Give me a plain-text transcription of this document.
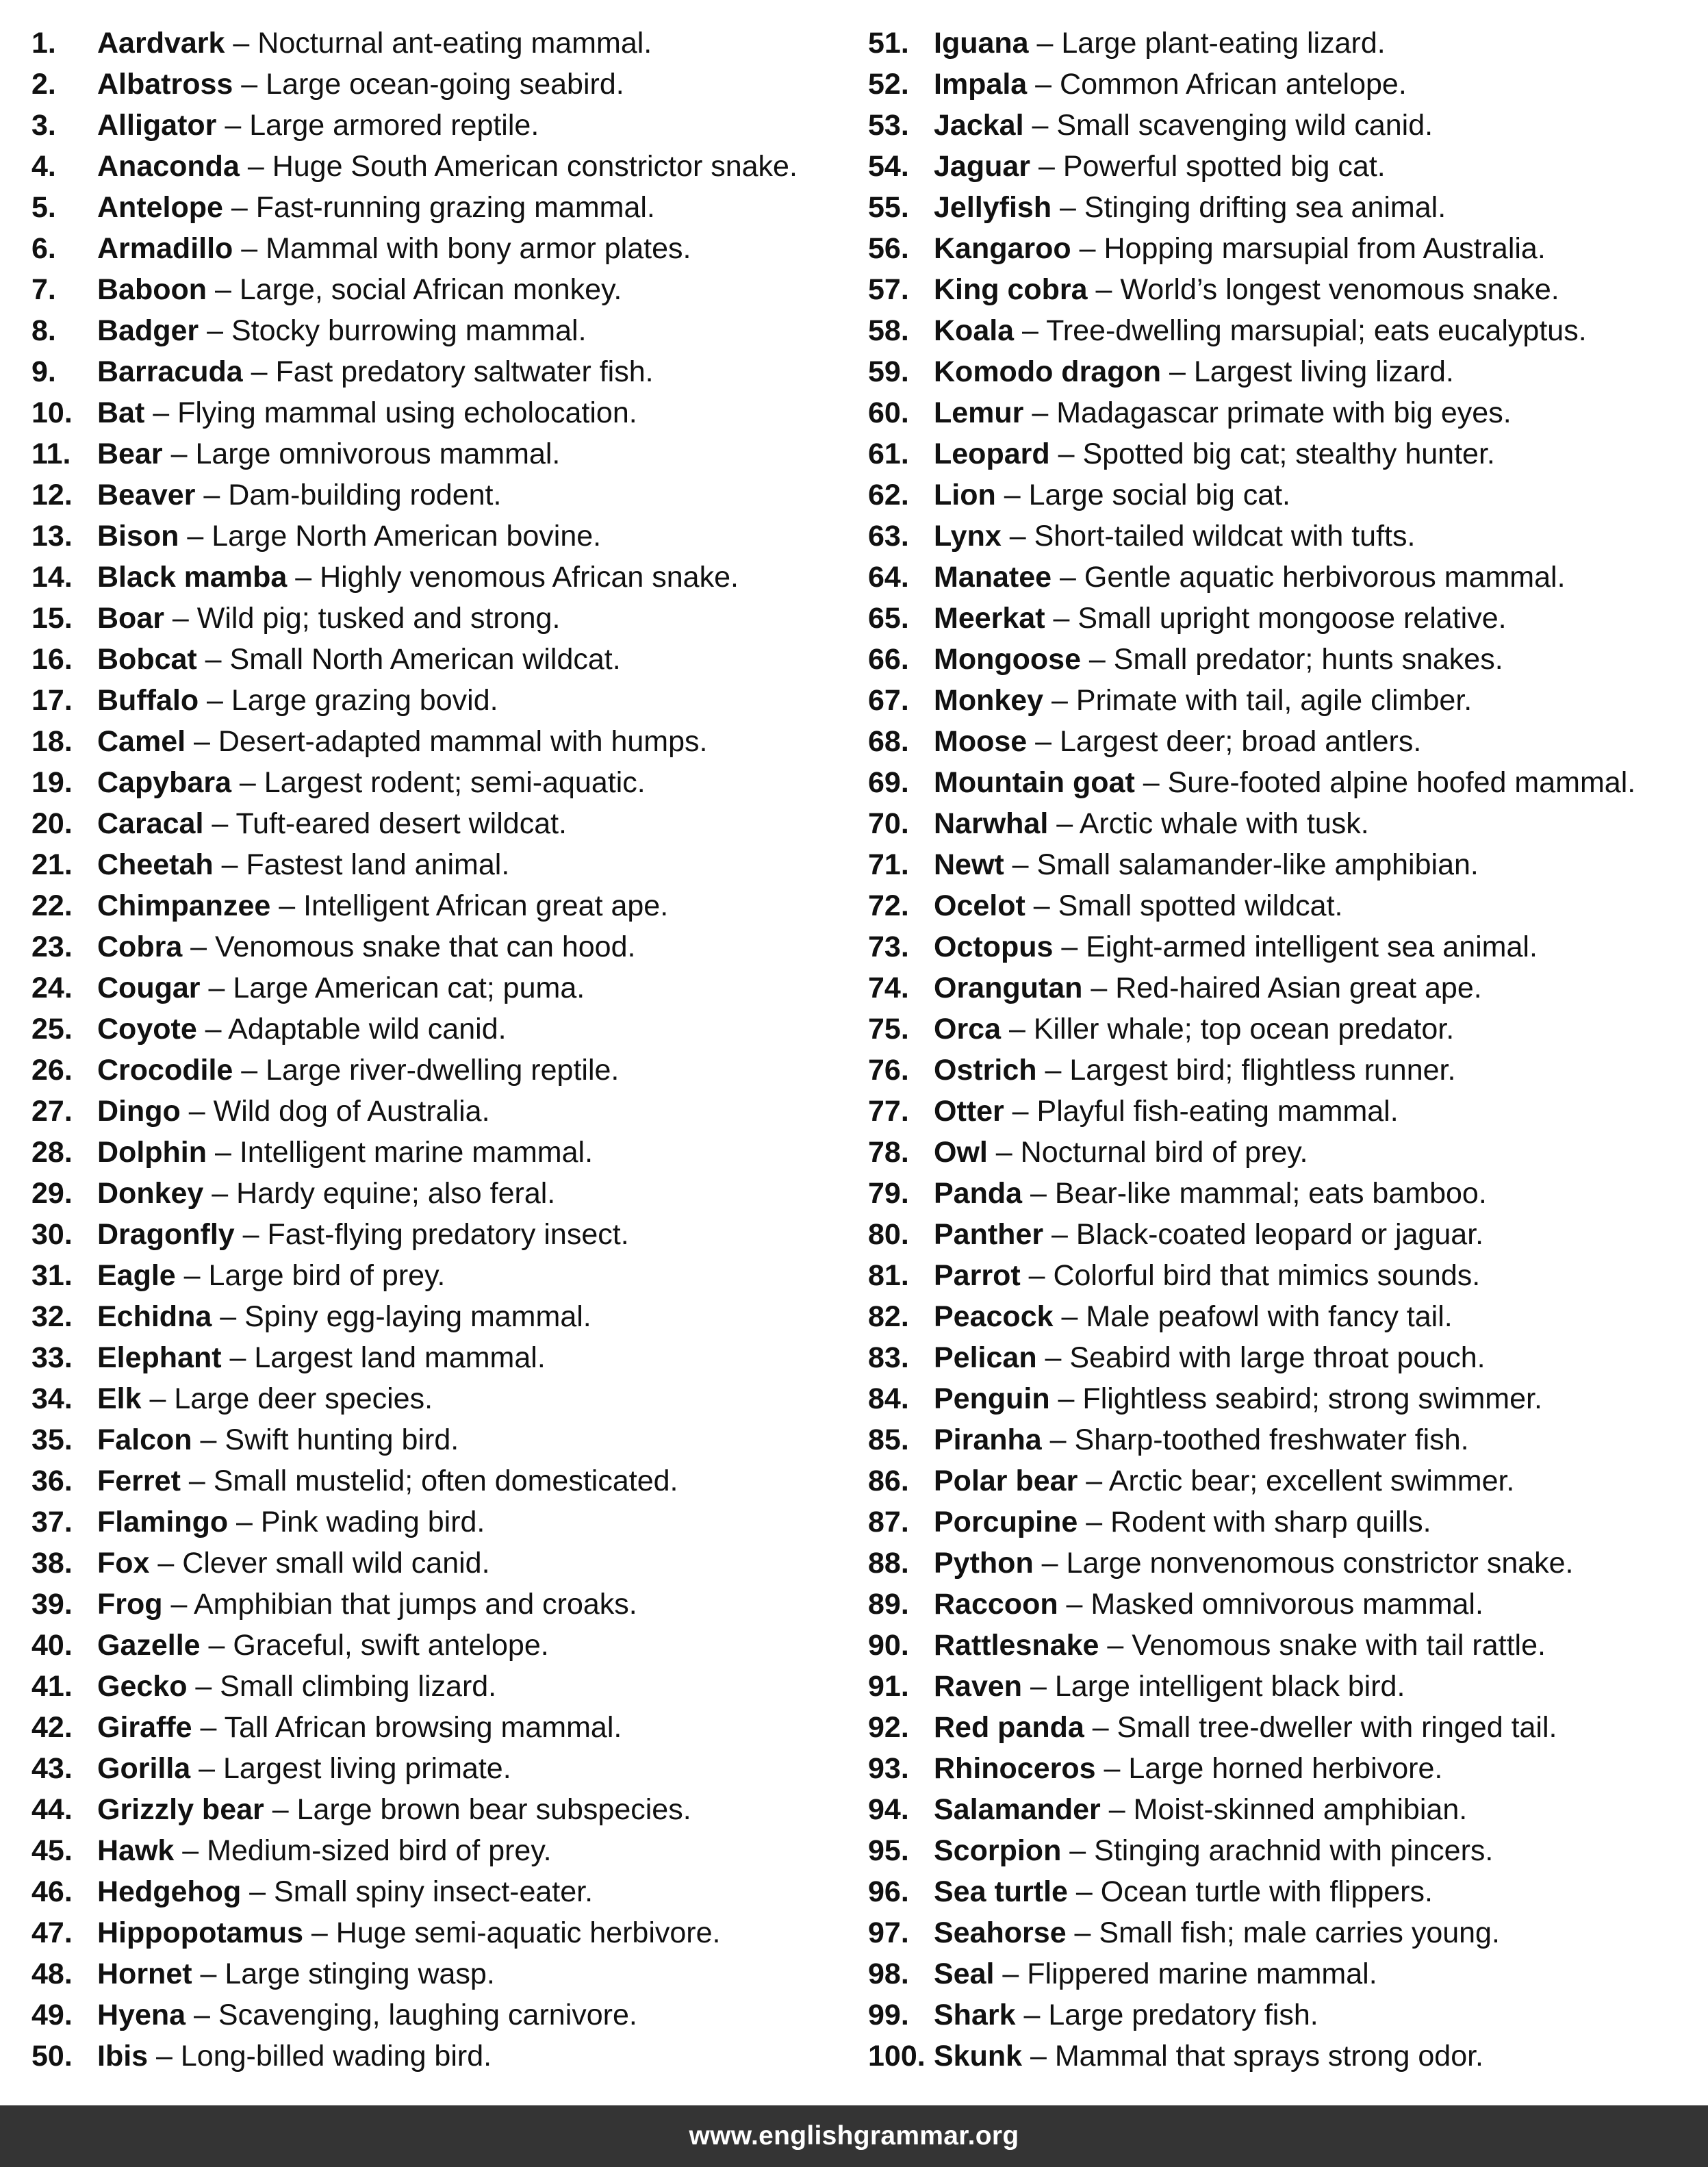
1. Aardvark – Nocturnal ant-eating mammal.
2. Albatross – Large ocean-going seabird.
3. Alligator – Large armored reptile.
4. Anaconda – Huge South American constrictor snake.
5. Antelope – Fast-running grazing mammal.
6. Armadillo – Mammal with bony armor plates.
7. Baboon – Large, social African monkey.
8. Badger – Stocky burrowing mammal.
9. Barracuda – Fast predatory saltwater fish.
10. Bat – Flying mammal using echolocation.
11. Bear – Large omnivorous mammal.
12. Beaver – Dam-building rodent.
13. Bison – Large North American bovine.
14. Black mamba – Highly venomous African snake.
15. Boar – Wild pig; tusked and strong.
16. Bobcat – Small North American wildcat.
17. Buffalo – Large grazing bovid.
18. Camel – Desert-adapted mammal with humps.
19. Capybara – Largest rodent; semi-aquatic.
20. Caracal – Tuft-eared desert wildcat.
21. Cheetah – Fastest land animal.
22. Chimpanzee – Intelligent African great ape.
23. Cobra – Venomous snake that can hood.
24. Cougar – Large American cat; puma.
25. Coyote – Adaptable wild canid.
26. Crocodile – Large river-dwelling reptile.
27. Dingo – Wild dog of Australia.
28. Dolphin – Intelligent marine mammal.
29. Donkey – Hardy equine; also feral.
30. Dragonfly – Fast-flying predatory insect.
31. Eagle – Large bird of prey.
32. Echidna – Spiny egg-laying mammal.
33. Elephant – Largest land mammal.
34. Elk – Large deer species.
35. Falcon – Swift hunting bird.
36. Ferret – Small mustelid; often domesticated.
37. Flamingo – Pink wading bird.
38. Fox – Clever small wild canid.
39. Frog – Amphibian that jumps and croaks.
40. Gazelle – Graceful, swift antelope.
41. Gecko – Small climbing lizard.
42. Giraffe – Tall African browsing mammal.
43. Gorilla – Largest living primate.
44. Grizzly bear – Large brown bear subspecies.
45. Hawk – Medium-sized bird of prey.
46. Hedgehog – Small spiny insect-eater.
47. Hippopotamus – Huge semi-aquatic herbivore.
48. Hornet – Large stinging wasp.
49. Hyena – Scavenging, laughing carnivore.
50. Ibis – Long-billed wading bird.
51. Iguana – Large plant-eating lizard.
52. Impala – Common African antelope.
53. Jackal – Small scavenging wild canid.
54. Jaguar – Powerful spotted big cat.
55. Jellyfish – Stinging drifting sea animal.
56. Kangaroo – Hopping marsupial from Australia.
57. King cobra – World’s longest venomous snake.
58. Koala – Tree-dwelling marsupial; eats eucalyptus.
59. Komodo dragon – Largest living lizard.
60. Lemur – Madagascar primate with big eyes.
61. Leopard – Spotted big cat; stealthy hunter.
62. Lion – Large social big cat.
63. Lynx – Short-tailed wildcat with tufts.
64. Manatee – Gentle aquatic herbivorous mammal.
65. Meerkat – Small upright mongoose relative.
66. Mongoose – Small predator; hunts snakes.
67. Monkey – Primate with tail, agile climber.
68. Moose – Largest deer; broad antlers.
69. Mountain goat – Sure-footed alpine hoofed mammal.
70. Narwhal – Arctic whale with tusk.
71. Newt – Small salamander-like amphibian.
72. Ocelot – Small spotted wildcat.
73. Octopus – Eight-armed intelligent sea animal.
74. Orangutan – Red-haired Asian great ape.
75. Orca – Killer whale; top ocean predator.
76. Ostrich – Largest bird; flightless runner.
77. Otter – Playful fish-eating mammal.
78. Owl – Nocturnal bird of prey.
79. Panda – Bear-like mammal; eats bamboo.
80. Panther – Black-coated leopard or jaguar.
81. Parrot – Colorful bird that mimics sounds.
82. Peacock – Male peafowl with fancy tail.
83. Pelican – Seabird with large throat pouch.
84. Penguin – Flightless seabird; strong swimmer.
85. Piranha – Sharp-toothed freshwater fish.
86. Polar bear – Arctic bear; excellent swimmer.
87. Porcupine – Rodent with sharp quills.
88. Python – Large nonvenomous constrictor snake.
89. Raccoon – Masked omnivorous mammal.
90. Rattlesnake – Venomous snake with tail rattle.
91. Raven – Large intelligent black bird.
92. Red panda – Small tree-dweller with ringed tail.
93. Rhinoceros – Large horned herbivore.
94. Salamander – Moist-skinned amphibian.
95. Scorpion – Stinging arachnid with pincers.
96. Sea turtle – Ocean turtle with flippers.
97. Seahorse – Small fish; male carries young.
98. Seal – Flippered marine mammal.
99. Shark – Large predatory fish.
100. Skunk – Mammal that sprays strong odor.
www.englishgrammar.org
